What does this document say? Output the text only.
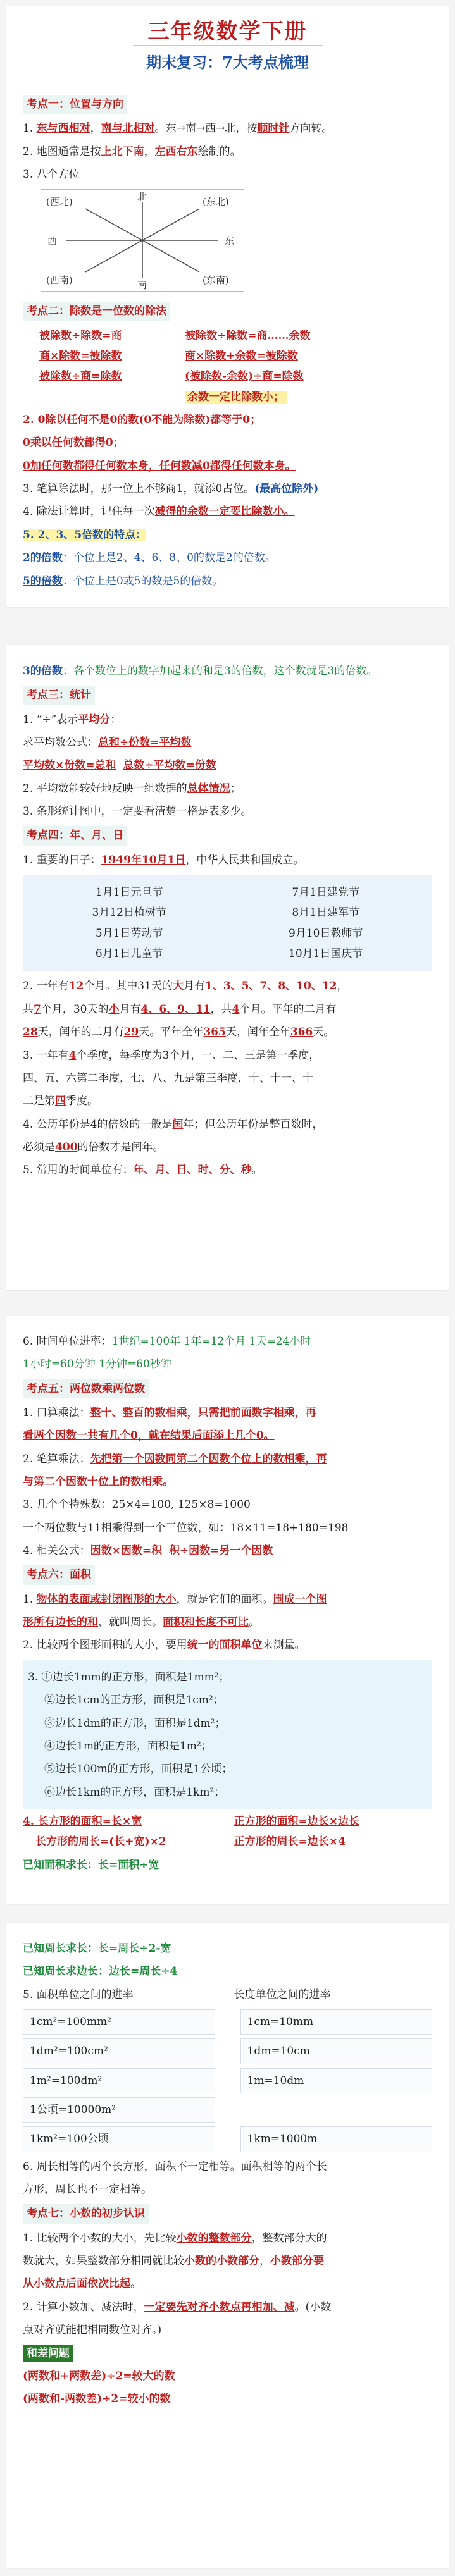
三年级数学下册
期末复习：7大考点梳理
考点一：位置与方向
1. 东与西相对，南与北相对。东→南→西→北，按顺时针方向转。
2. 地图通常是按上北下南，左西右东绘制的。
3. 八个方位
(西北)	北	(东北)
西	东
(西南)	南	(东南)
考点二：除数是一位数的除法
被除数÷除数=商	被除数÷除数=商……余数
商×除数=被除数	商×除数+余数=被除数
被除数÷商=除数	(被除数-余数)÷商=除数
余数一定比除数小；
2. 0除以任何不是0的数(0不能为除数)都等于0；
0乘以任何数都得0；
0加任何数都得任何数本身，任何数减0都得任何数本身。
3. 笔算除法时，那一位上不够商1，就添0占位。(最高位除外)
4. 除法计算时，记住每一次减得的余数一定要比除数小。
5. 2、3、5倍数的特点：
2的倍数：个位上是2、4、6、8、0的数是2的倍数。
5的倍数：个位上是0或5的数是5的倍数。
3的倍数：各个数位上的数字加起来的和是3的倍数，这个数就是3的倍数。
考点三：统计
1. “÷”表示平均分；
求平均数公式：总和÷份数=平均数
平均数×份数=总和 总数÷平均数=份数
2. 平均数能较好地反映一组数据的总体情况；
3. 条形统计图中，一定要看清楚一格是表多少。
考点四：年、月、日
1. 重要的日子：1949年10月1日，中华人民共和国成立。
1月1日元旦节	7月1日建党节
3月12日植树节	8月1日建军节
5月1日劳动节	9月10日教师节
6月1日儿童节	10月1日国庆节
2. 一年有12个月。其中31天的大月有1、3、5、7、8、10、12，
共7个月，30天的小月有4、6、9、11，共4个月。平年的二月有
28天，闰年的二月有29天。平年全年365天，闰年全年366天。
3. 一年有4个季度，每季度为3个月，一、二、三是第一季度，
四、五、六第二季度，七、八、九是第三季度，十、十一、十
二是第四季度。
4. 公历年份是4的倍数的一般是闰年；但公历年份是整百数时，
必须是400的倍数才是闰年。
5. 常用的时间单位有：年、月、日、时、分、秒。
6. 时间单位进率：1世纪=100年 1年=12个月 1天=24小时
1小时=60分钟 1分钟=60秒钟
考点五：两位数乘两位数
1. 口算乘法：整十、整百的数相乘，只需把前面数字相乘，再
看两个因数一共有几个0，就在结果后面添上几个0。
2. 笔算乘法：先把第一个因数同第二个因数个位上的数相乘，再
与第二个因数十位上的数相乘。
3. 几个个特殊数：25×4=100, 125×8=1000
一个两位数与11相乘得到一个三位数，如：18×11=18+180=198
4. 相关公式：因数×因数=积 积÷因数=另一个因数
考点六：面积
1. 物体的表面或封闭图形的大小，就是它们的面积。围成一个图
形所有边长的和，就叫周长。面积和长度不可比。
2. 比较两个图形面积的大小，要用统一的面积单位来测量。
3. ①边长1mm的正方形，面积是1mm²；
②边长1cm的正方形，面积是1cm²；
③边长1dm的正方形，面积是1dm²；
④边长1m的正方形，面积是1m²；
⑤边长100m的正方形，面积是1公顷；
⑥边长1km的正方形，面积是1km²；
4. 长方形的面积=长×宽	正方形的面积=边长×边长
长方形的周长=(长+宽)×2	正方形的周长=边长×4
已知面积求长：长=面积÷宽
已知周长求长：长=周长÷2-宽
已知周长求边长：边长=周长÷4
5. 面积单位之间的进率	长度单位之间的进率
1cm²=100mm²	1cm=10mm
1dm²=100cm²	1dm=10cm
1m²=100dm²	1m=10dm
1公顷=10000m²
1km²=100公顷	1km=1000m
6. 周长相等的两个长方形，面积不一定相等。面积相等的两个长
方形，周长也不一定相等。
考点七：小数的初步认识
1. 比较两个小数的大小，先比较小数的整数部分，整数部分大的
数就大，如果整数部分相同就比较小数的小数部分，小数部分要
从小数点后面依次比起。
2. 计算小数加、减法时，一定要先对齐小数点再相加、减。(小数
点对齐就能把相同数位对齐。)
和差问题
(两数和+两数差)÷2=较大的数
(两数和-两数差)÷2=较小的数
